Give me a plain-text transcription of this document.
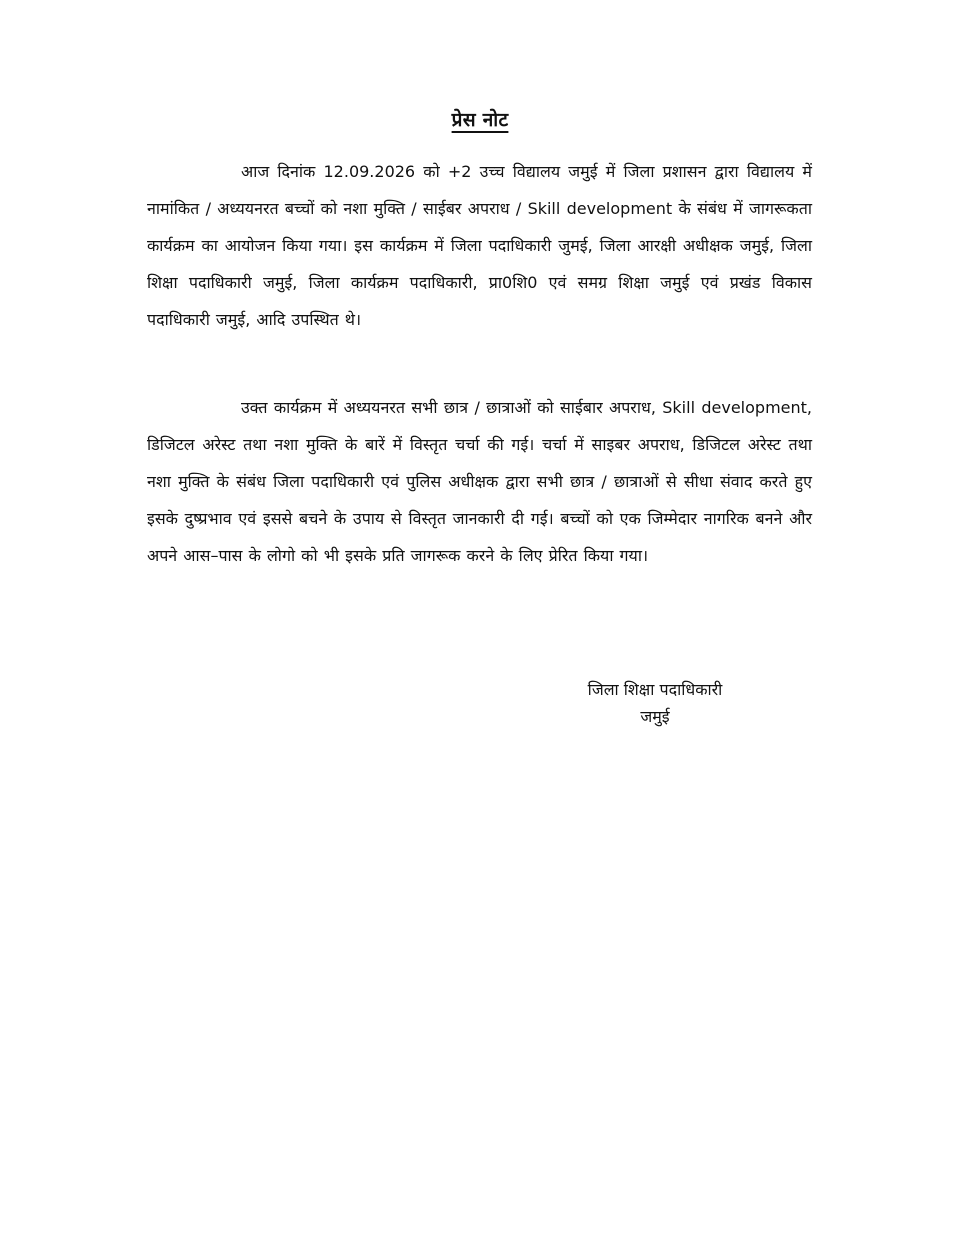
प्रेस नोट

आज दिनांक 12.09.2026 को +2 उच्च विद्यालय जमुई में जिला प्रशासन द्वारा विद्यालय में नामांकित / अध्ययनरत बच्चों को नशा मुक्ति / साईबर अपराध / Skill development के संबंध में जागरूकता कार्यक्रम का आयोजन किया गया। इस कार्यक्रम में जिला पदाधिकारी जुमई, जिला आरक्षी अधीक्षक जमुई, जिला शिक्षा पदाधिकारी जमुई, जिला कार्यक्रम पदाधिकारी, प्रा0शि0 एवं समग्र शिक्षा जमुई एवं प्रखंड विकास पदाधिकारी जमुई, आदि उपस्थित थे।

उक्त कार्यक्रम में अध्ययनरत सभी छात्र / छात्राओं को साईबार अपराध, Skill development, डिजिटल अरेस्ट तथा नशा मुक्ति के बारें में विस्तृत चर्चा की गई। चर्चा में साइबर अपराध, डिजिटल अरेस्ट तथा नशा मुक्ति के संबंध जिला पदाधिकारी एवं पुलिस अधीक्षक द्वारा सभी छात्र / छात्राओं से सीधा संवाद करते हुए इसके दुष्प्रभाव एवं इससे बचने के उपाय से विस्तृत जानकारी दी गई। बच्चों को एक जिम्मेदार नागरिक बनने और अपने आस–पास के लोगो को भी इसके प्रति जागरूक करने के लिए प्रेरित किया गया।

जिला शिक्षा पदाधिकारी
जमुई
